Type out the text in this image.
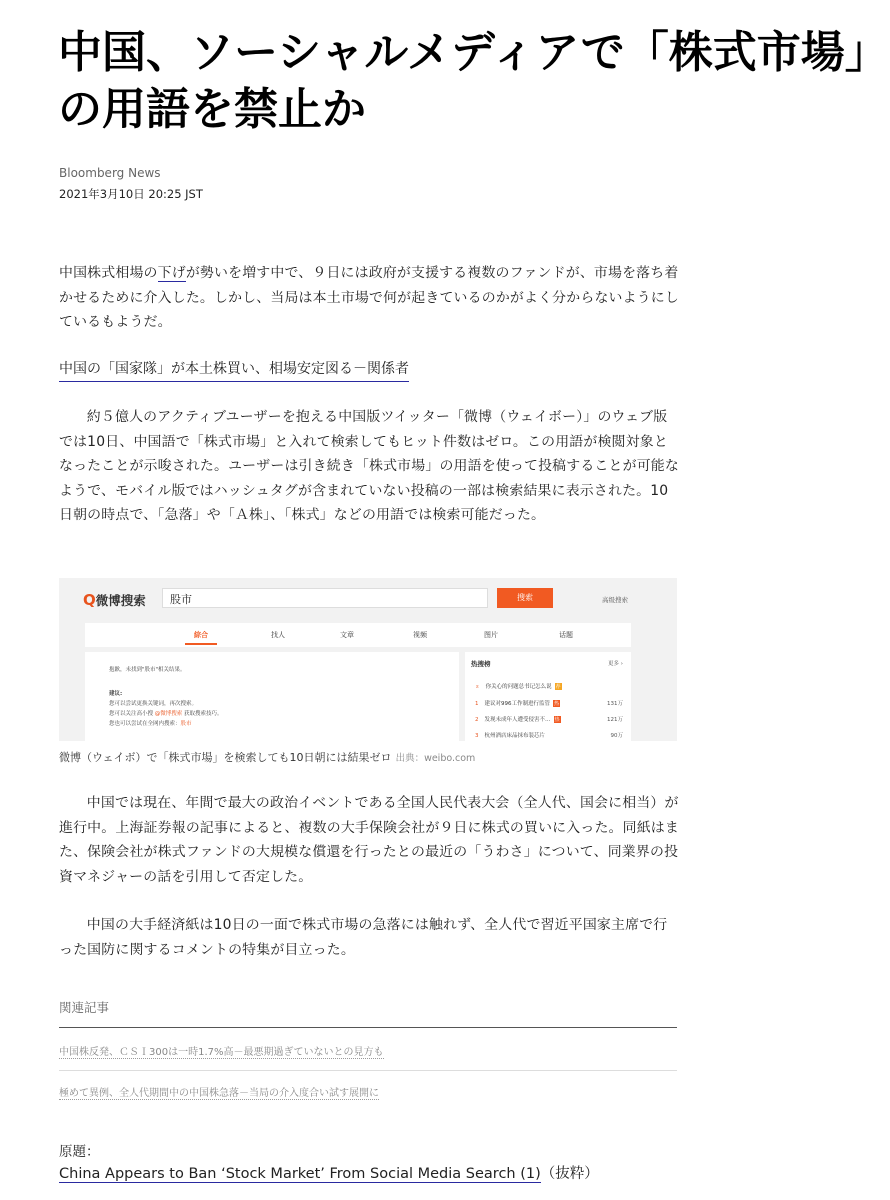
中国、ソーシャルメディアで「株式市場」の用語を禁止か
Bloomberg News
2021年3月10日 20:25 JST

中国株式相場の下げが勢いを増す中で、９日には政府が支援する複数のファンドが、市場を落ち着かせるために介入した。しかし、当局は本土市場で何が起きているのかがよく分からないようにしているもようだ。

中国の「国家隊」が本土株買い、相場安定図る－関係者

約５億人のアクティブユーザーを抱える中国版ツイッター「微博（ウェイボー）」のウェブ版では10日、中国語で「株式市場」と入れて検索してもヒット件数はゼロ。この用語が検閲対象となったことが示唆された。ユーザーは引き続き「株式市場」の用語を使って投稿することが可能なようで、モバイル版ではハッシュタグが含まれていない投稿の一部は検索結果に表示された。10日朝の時点で、「急落」や「Ａ株」、「株式」などの用語では検索可能だった。

Q微博搜索	股市	搜索	高级搜索
綜合	找人	文章	视频	图片	话题
抱歉，未找到"股市"相关结果。
建议:
您可以尝试更换关键词，再次搜索。
您可以关注高小搜 @微博搜索 获取搜索技巧。
您也可以尝试在全网内搜索：股市
热搜榜	更多 ›
⌅ 你关心的问题总书记怎么说 荐
1 建议对996工作制进行监管 热	131万
2 发现未成年人遭受侵害不… 热	121万
3 杭州酒店床品抹布装芯片	90万
微博（ウェイボ）で「株式市場」を検索しても10日朝には結果ゼロ 出典：weibo.com

中国では現在、年間で最大の政治イベントである全国人民代表大会（全人代、国会に相当）が進行中。上海証券報の記事によると、複数の大手保険会社が９日に株式の買いに入った。同紙はまた、保険会社が株式ファンドの大規模な償還を行ったとの最近の「うわさ」について、同業界の投資マネジャーの話を引用して否定した。

中国の大手経済紙は10日の一面で株式市場の急落には触れず、全人代で習近平国家主席で行った国防に関するコメントの特集が目立った。

関連記事
中国株反発、ＣＳＩ300は一時1.7%高－最悪期過ぎていないとの見方も
極めて異例、全人代期間中の中国株急落－当局の介入度合い試す展開に
原題：
China Appears to Ban ‘Stock Market’ From Social Media Search (1)（抜粋）
